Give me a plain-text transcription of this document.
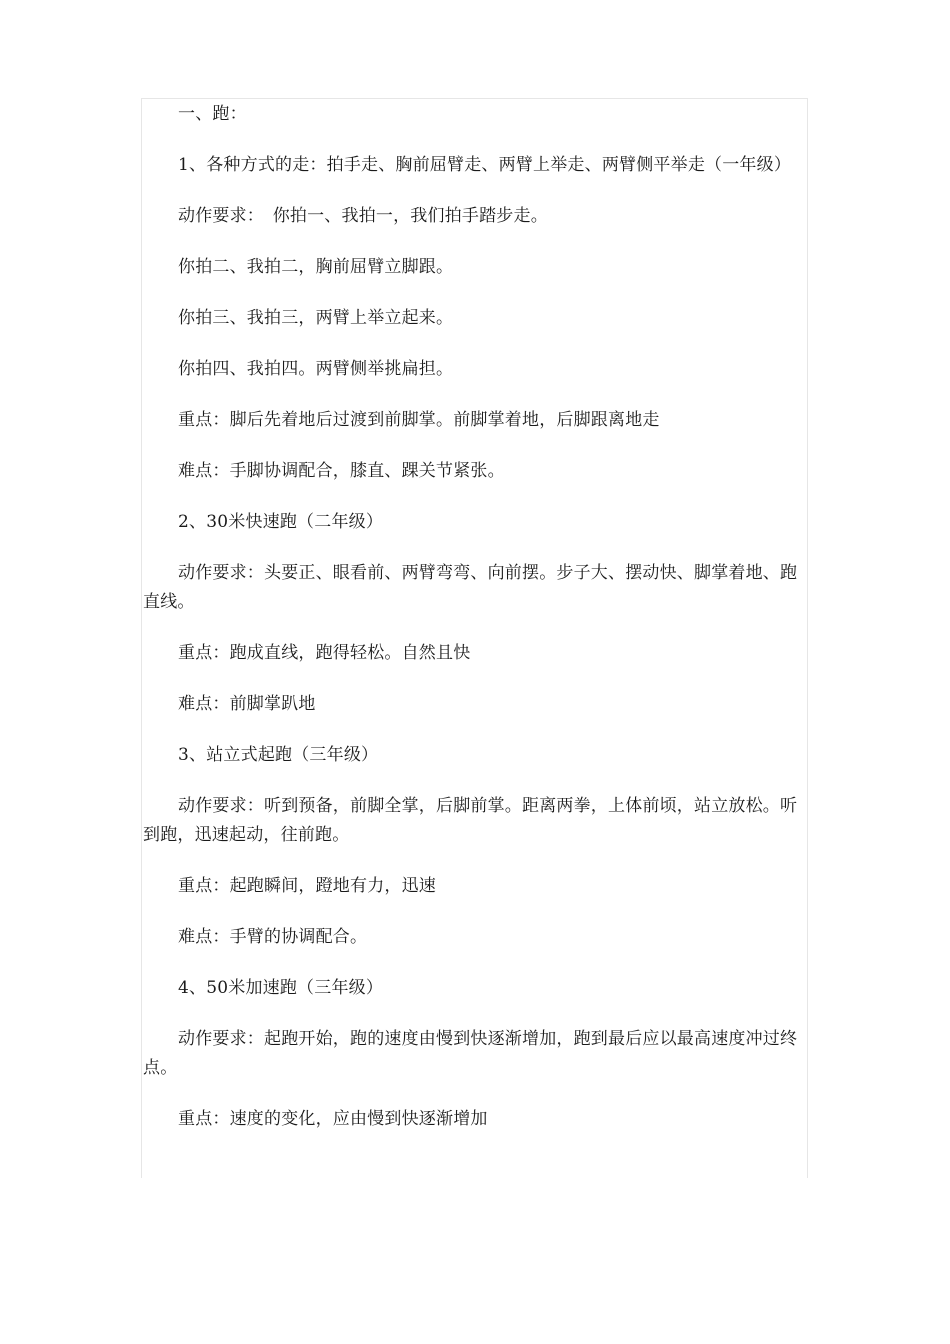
一、跑：

1、各种方式的走：拍手走、胸前屈臂走、两臂上举走、两臂侧平举走（一年级）

动作要求：　你拍一、我拍一，我们拍手踏步走。

你拍二、我拍二，胸前屈臂立脚跟。

你拍三、我拍三，两臂上举立起来。

你拍四、我拍四。两臂侧举挑扁担。

重点：脚后先着地后过渡到前脚掌。前脚掌着地，后脚跟离地走

难点：手脚协调配合，膝直、踝关节紧张。

2、30米快速跑（二年级）

动作要求：头要正、眼看前、两臂弯弯、向前摆。步子大、摆动快、脚掌着地、跑直线。

重点：跑成直线，跑得轻松。自然且快

难点：前脚掌趴地

3、站立式起跑（三年级）

动作要求：听到预备，前脚全掌，后脚前掌。距离两拳，上体前顷，站立放松。听到跑，迅速起动，往前跑。

重点：起跑瞬间，蹬地有力，迅速

难点：手臂的协调配合。

4、50米加速跑（三年级）

动作要求：起跑开始，跑的速度由慢到快逐渐增加，跑到最后应以最高速度冲过终点。

重点：速度的变化，应由慢到快逐渐增加
